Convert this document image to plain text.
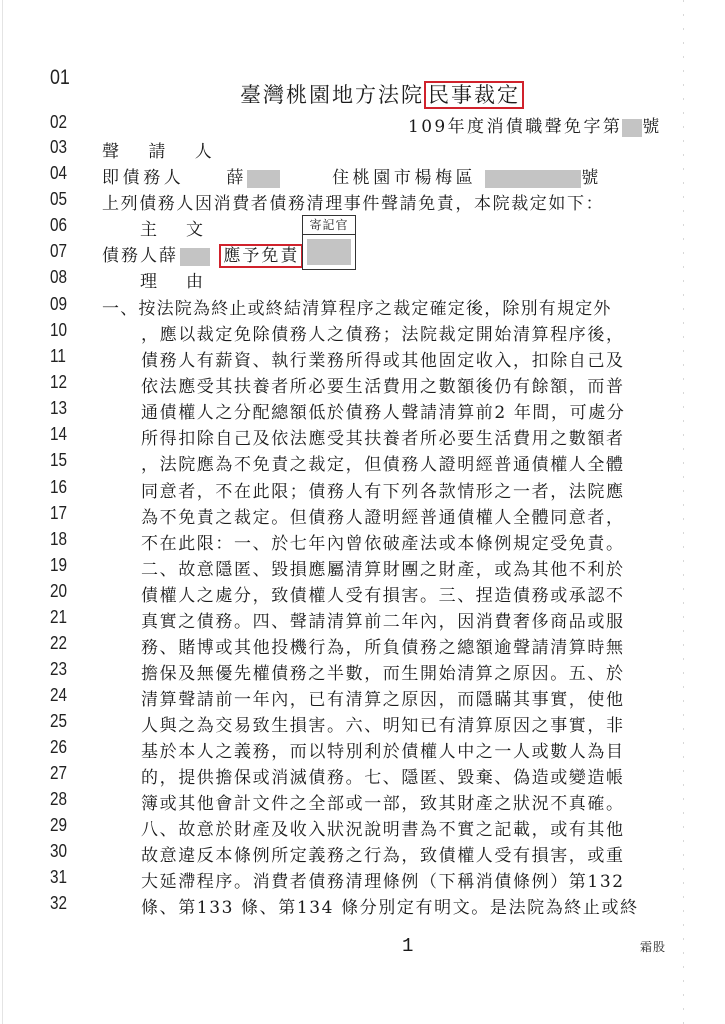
01
02
03
04
05
06
07
08
09
10
11
12
13
14
15
16
17
18
19
20
21
22
23
24
25
26
27
28
29
30
31
32
臺灣桃園地方法院 民事裁定
109年度消債職聲免字第 號
聲 請 人
即債務人 薛	住桃園市楊梅區	號
上列債務人因消費者債務清理事件聲請免責，本院裁定如下：
主　文
債務人薛	應予免責
寄記官
理　由
一、按法院為終止或終結清算程序之裁定確定後，除別有規定外
，應以裁定免除債務人之債務；法院裁定開始清算程序後，
債務人有薪資、執行業務所得或其他固定收入，扣除自己及
依法應受其扶養者所必要生活費用之數額後仍有餘額，而普
通債權人之分配總額低於債務人聲請清算前2 年間，可處分
所得扣除自己及依法應受其扶養者所必要生活費用之數額者
，法院應為不免責之裁定，但債務人證明經普通債權人全體
同意者，不在此限；債務人有下列各款情形之一者，法院應
為不免責之裁定。但債務人證明經普通債權人全體同意者，
不在此限：一、於七年內曾依破產法或本條例規定受免責。
二、故意隱匿、毀損應屬清算財團之財產，或為其他不利於
債權人之處分，致債權人受有損害。三、捏造債務或承認不
真實之債務。四、聲請清算前二年內，因消費奢侈商品或服
務、賭博或其他投機行為，所負債務之總額逾聲請清算時無
擔保及無優先權債務之半數，而生開始清算之原因。五、於
清算聲請前一年內，已有清算之原因，而隱瞞其事實，使他
人與之為交易致生損害。六、明知已有清算原因之事實，非
基於本人之義務，而以特別利於債權人中之一人或數人為目
的，提供擔保或消滅債務。七、隱匿、毀棄、偽造或變造帳
簿或其他會計文件之全部或一部，致其財產之狀況不真確。
八、故意於財產及收入狀況說明書為不實之記載，或有其他
故意違反本條例所定義務之行為，致債權人受有損害，或重
大延滯程序。消費者債務清理條例（下稱消債條例）第132
條、第133 條、第134 條分別定有明文。是法院為終止或終
1	霜股
